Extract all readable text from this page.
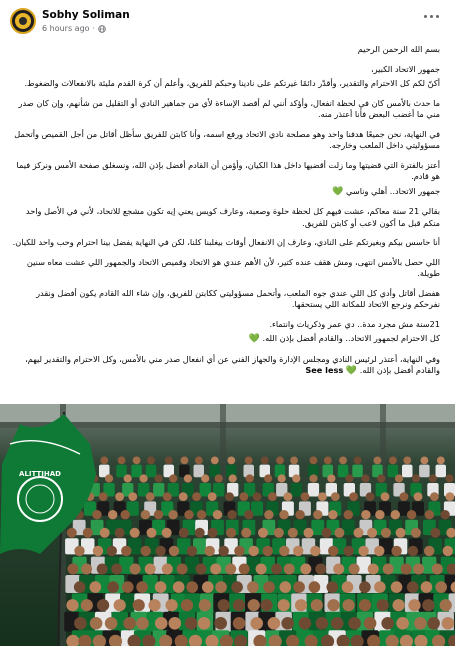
Sobhy Soliman
6 hours ago ·

بسم الله الرحمن الرحيم

جمهور الاتحاد الكبير،

أكنّ لكم كل الاحترام والتقدير، وأقدّر دائمًا غيرتكم على نادينا وحبكم للفريق، وأعلم أن كرة القدم مليئة بالانفعالات والضغوط.

ما حدث بالأمس كان في لحظة انفعال، وأؤكد أنني لم أقصد الإساءة لأي من جماهير النادي أو التقليل من شأنهم، وإن كان صدر مني ما أغضب البعض فأنا أعتذر منه.

في النهاية، نحن جميعًا هدفنا واحد وهو مصلحة نادي الاتحاد ورفع اسمه، وأنا كابتن للفريق سأظل أقاتل من أجل القميص وأتحمل مسؤوليتي داخل الملعب وخارجه.

أعتز بالفترة التي قضيتها وما زلت أقضيها داخل هذا الكيان، وأؤمن أن القادم أفضل بإذن الله، ونسغلق صفحة الأمس ونركز فيما هو قادم.

جمهور الاتحاد.. أهلي وناسي 💚

بقالي 21 سنة معاكم، عشت فيهم كل لحظة حلوة وصعبة، وعارف كويس يعني إيه تكون مشجع للاتحاد، لأني في الأصل واحد منكم قبل ما أكون لاعب أو كابتن للفريق.

أنا حاسس بيكم وبغيرتكم على النادي، وعارف إن الانفعال أوقات بيغلبنا كلنا، لكن في النهاية يفضل بينا احترام وحب واحد للكيان.

اللي حصل بالأمس انتهى، ومش هقف عنده كتير، لأن الأهم عندي هو الاتحاد وقميص الاتحاد والجمهور اللي عشت معاه سنين طويلة.

هفضل أقاتل وأدي كل اللي عندي جوه الملعب، وأتحمل مسؤوليتي ككابتن للفريق، وإن شاء الله القادم يكون أفضل ونقدر نفرحكم ونرجع الاتحاد للمكانة اللي يستحقها.

21سنة مش مجرد مدة.. دي عمر وذكريات وانتماء.

كل الاحترام لجمهور الاتحاد.. والقادم أفضل بإذن الله. 💚

وفي النهاية، أعتذر لرئيس النادي ومجلس الإدارة والجهاز الفني عن أي انفعال صدر مني بالأمس، وكل الاحترام والتقدير ليهم، والقادم أفضل بإذن الله. 💚 See less

ALITTIHAD
